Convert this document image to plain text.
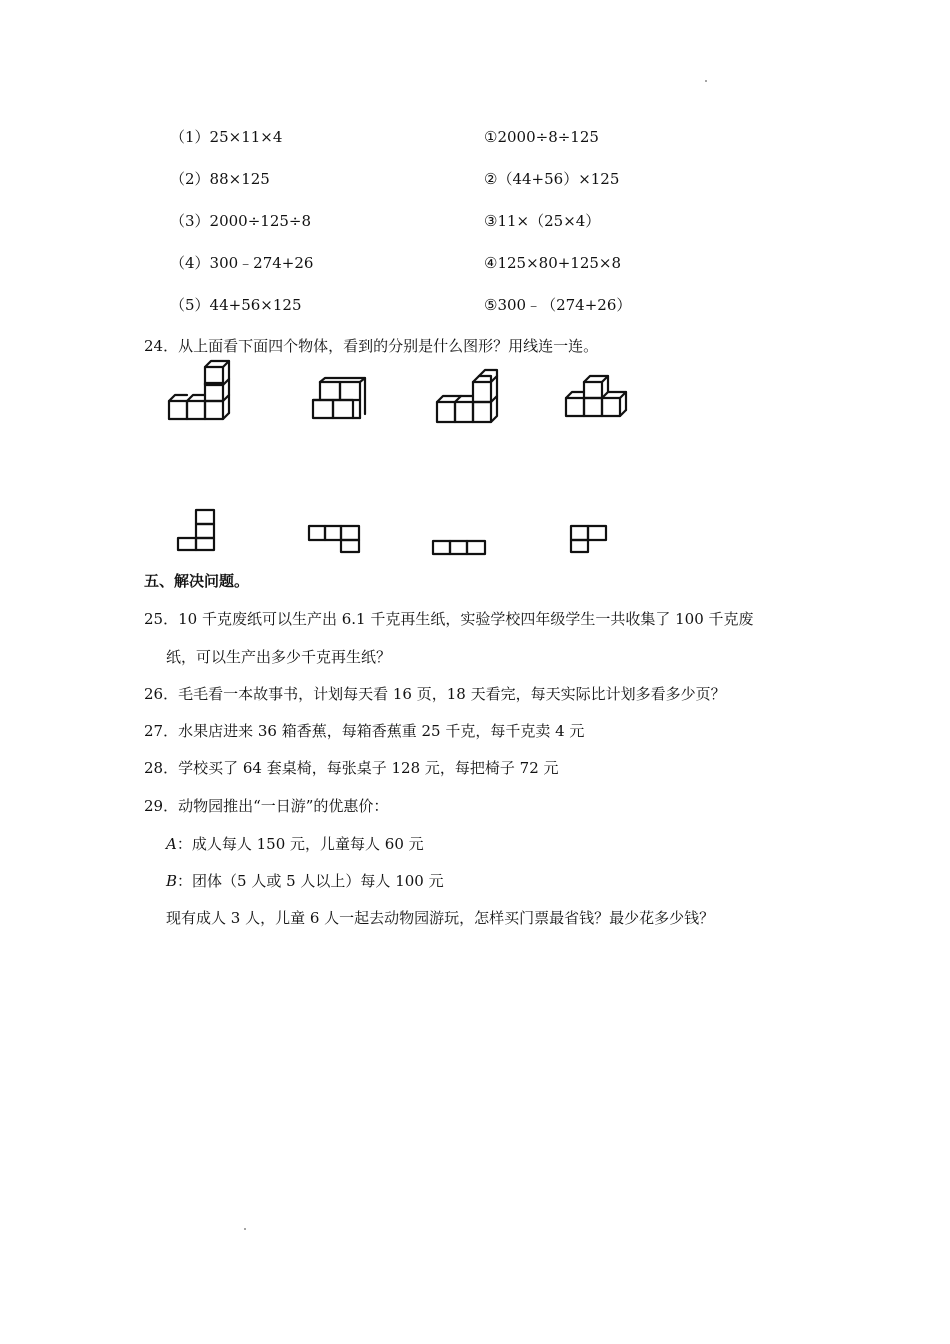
（1）25×11×4
（2）88×125
（3）2000÷125÷8
（4）300﹣274+26
（5）44+56×125
①2000÷8÷125
②（44+56）×125
③11×（25×4）
④125×80+125×8
⑤300﹣（274+26）
24．从上面看下面四个物体，看到的分别是什么图形？用线连一连。
五、解决问题。
25．10 千克废纸可以生产出 6.1 千克再生纸，实验学校四年级学生一共收集了 100 千克废
纸，可以生产出多少千克再生纸？
26．毛毛看一本故事书，计划每天看 16 页，18 天看完，每天实际比计划多看多少页？
27．水果店进来 36 箱香蕉，每箱香蕉重 25 千克，每千克卖 4 元
28．学校买了 64 套桌椅，每张桌子 128 元，每把椅子 72 元
29．动物园推出“一日游”的优惠价：
A：成人每人 150 元，儿童每人 60 元
B：团体（5 人或 5 人以上）每人 100 元
现有成人 3 人，儿童 6 人一起去动物园游玩，怎样买门票最省钱？最少花多少钱？
